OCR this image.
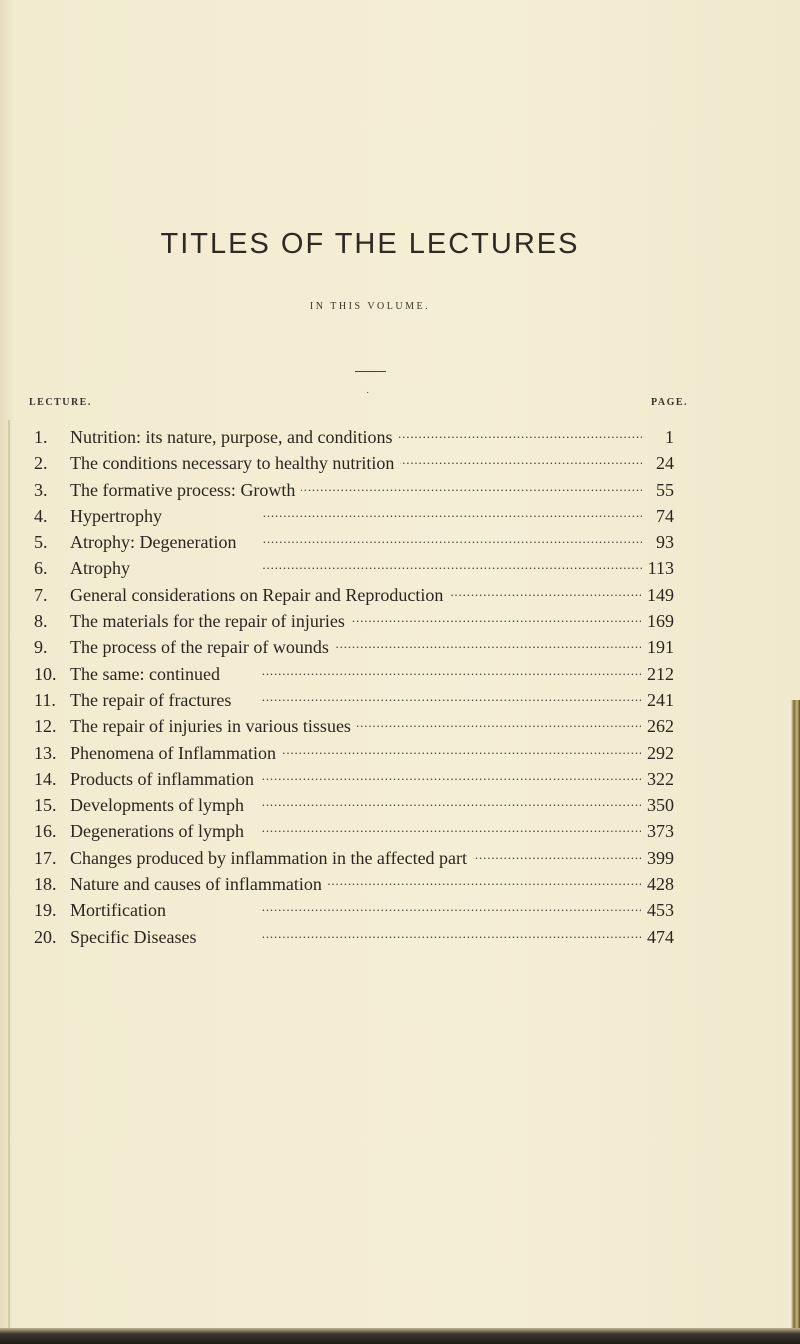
TITLES OF THE LECTURES
IN THIS VOLUME.
LECTURE.
˙
PAGE.
1.	Nutrition: its nature, purpose, and conditions . . .	1
2.	The conditions necessary to healthy nutrition . . .	24
3.	The formative process: Growth . . .	55
4.	Hypertrophy . . .	74
5.	Atrophy: Degeneration . . .	93
6.	Atrophy . . .	113
7.	General considerations on Repair and Reproduction . . .	149
8.	The materials for the repair of injuries . . .	169
9.	The process of the repair of wounds . . .	191
10. The same: continued . . .	212
11. The repair of fractures . . .	241
12. The repair of injuries in various tissues . . .	262
13. Phenomena of Inflammation . . .	292
14. Products of inflammation . . .	322
15. Developments of lymph . . .	350
16. Degenerations of lymph . . .	373
17. Changes produced by inflammation in the affected part . . .	399
18. Nature and causes of inflammation . . .	428
19. Mortification . . .	453
20. Specific Diseases . . .	474
